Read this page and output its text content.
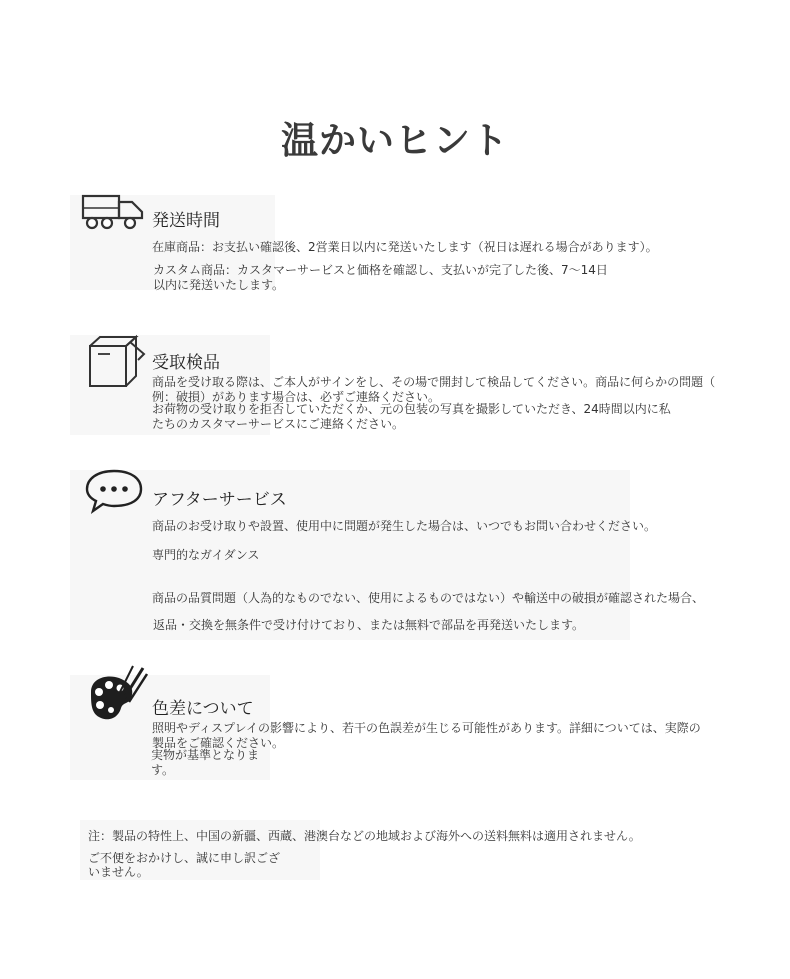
温かいヒント
発送時間
在庫商品：お支払い確認後、2営業日以内に発送いたします（祝日は遅れる場合があります）。
カスタム商品：カスタマーサービスと価格を確認し、支払いが完了した後、7〜14日
以内に発送いたします。
受取検品
商品を受け取る際は、ご本人がサインをし、その場で開封して検品してください。商品に何らかの問題（
例：破損）があります場合は、必ずご連絡ください。
お荷物の受け取りを拒否していただくか、元の包装の写真を撮影していただき、24時間以内に私
たちのカスタマーサービスにご連絡ください。
アフターサービス
商品のお受け取りや設置、使用中に問題が発生した場合は、いつでもお問い合わせください。
専門的なガイダンス
商品の品質問題（人為的なものでない、使用によるものではない）や輸送中の破損が確認された場合、
返品・交換を無条件で受け付けており、または無料で部品を再発送いたします。
色差について
照明やディスプレイの影響により、若干の色誤差が生じる可能性があります。詳細については、実際の
製品をご確認ください。
実物が基準となりま
す。
注：製品の特性上、中国の新疆、西蔵、港澳台などの地域および海外への送料無料は適用されません。
ご不便をおかけし、誠に申し訳ござ
いません。
